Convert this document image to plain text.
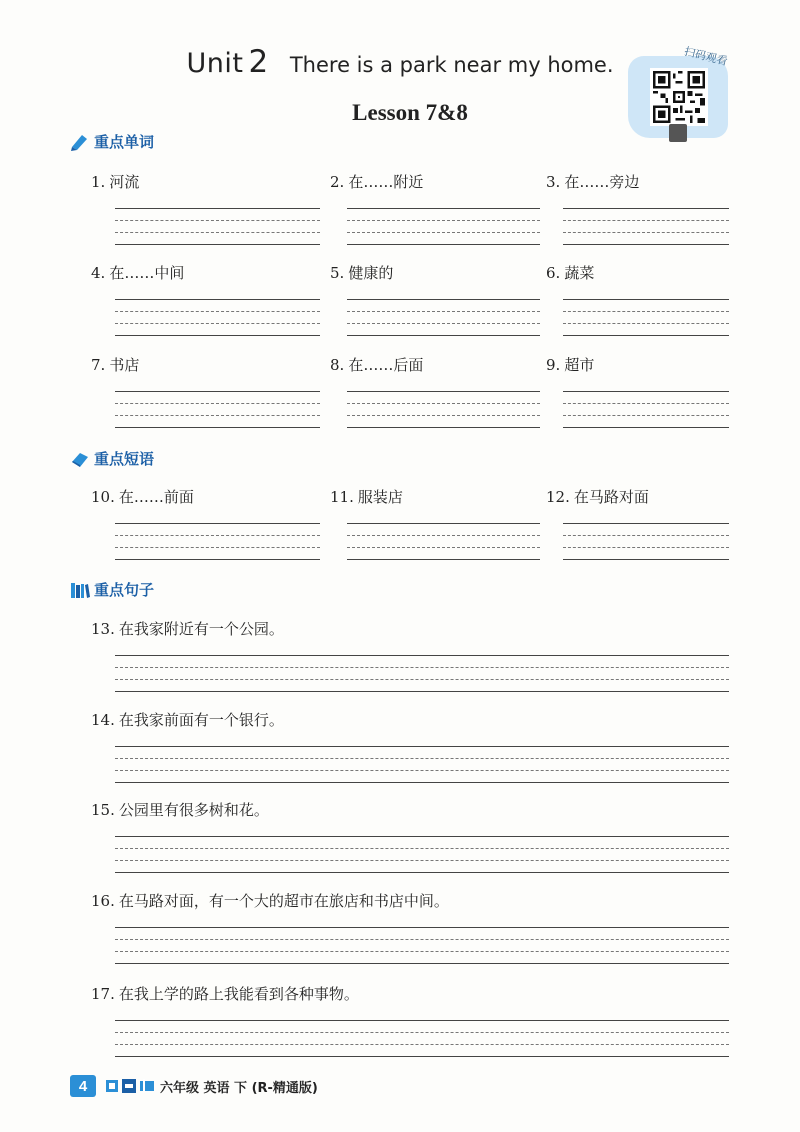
Unit 2 There is a park near my home.
Lesson 7&8
扫码观看
重点单词
1. 河流	2. 在……附近	3. 在……旁边
4. 在……中间	5. 健康的	6. 蔬菜
7. 书店	8. 在……后面	9. 超市
重点短语
10. 在……前面	11. 服装店	12. 在马路对面
重点句子
13. 在我家附近有一个公园。
14. 在我家前面有一个银行。
15. 公园里有很多树和花。
16. 在马路对面，有一个大的超市在旅店和书店中间。
17. 在我上学的路上我能看到各种事物。
4	六年级 英语 下 (R-精通版)
